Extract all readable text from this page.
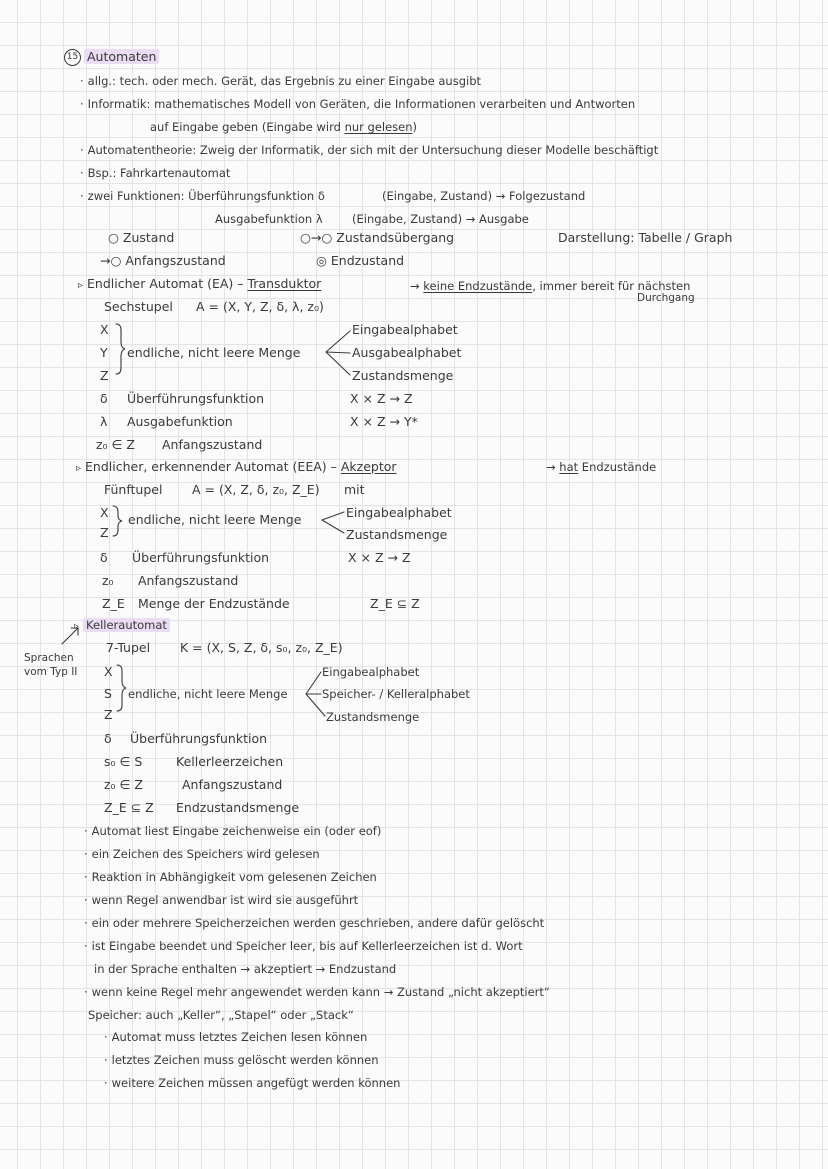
15 Automaten
· allg.: tech. oder mech. Gerät, das Ergebnis zu einer Eingabe ausgibt
· Informatik: mathematisches Modell von Geräten, die Informationen verarbeiten und Antworten
auf Eingabe geben (Eingabe wird nur gelesen)
· Automatentheorie: Zweig der Informatik, der sich mit der Untersuchung dieser Modelle beschäftigt
· Bsp.: Fahrkartenautomat
· zwei Funktionen: Überführungsfunktion δ	(Eingabe, Zustand) → Folgezustand
Ausgabefunktion λ	(Eingabe, Zustand) → Ausgabe
○ Zustand	○→○ Zustandsübergang	Darstellung: Tabelle / Graph
→○ Anfangszustand	◎ Endzustand
▹ Endlicher Automat (EA) – Transduktor	→ keine Endzustände, immer bereit für nächsten
Durchgang
Sechstupel A = (X, Y, Z, δ, λ, z₀)
X
Y
Z
endliche, nicht leere Menge
Eingabealphabet
Ausgabealphabet
Zustandsmenge
δ Überführungsfunktion	X × Z → Z
λ Ausgabefunktion	X × Z → Y*
z₀ ∈ Z Anfangszustand
▹ Endlicher, erkennender Automat (EEA) – Akzeptor	→ hat Endzustände
Fünftupel A = (X, Z, δ, z₀, Z_E) mit
X
Z
endliche, nicht leere Menge	Eingabealphabet
Zustandsmenge
δ Überführungsfunktion	X × Z → Z
z₀ Anfangszustand
Z_E Menge der Endzustände	Z_E ⊆ Z
▹ Kellerautomat
Sprachen
vom Typ II
7-Tupel K = (X, S, Z, δ, s₀, z₀, Z_E)
X
S
Z
endliche, nicht leere Menge
Eingabealphabet
Speicher- / Kelleralphabet
Zustandsmenge
δ Überführungsfunktion
s₀ ∈ S	Kellerleerzeichen
z₀ ∈ Z	Anfangszustand
Z_E ⊆ Z Endzustandsmenge
· Automat liest Eingabe zeichenweise ein (oder eof)
· ein Zeichen des Speichers wird gelesen
· Reaktion in Abhängigkeit vom gelesenen Zeichen
· wenn Regel anwendbar ist wird sie ausgeführt
· ein oder mehrere Speicherzeichen werden geschrieben, andere dafür gelöscht
· ist Eingabe beendet und Speicher leer, bis auf Kellerleerzeichen ist d. Wort
in der Sprache enthalten → akzeptiert → Endzustand
· wenn keine Regel mehr angewendet werden kann → Zustand „nicht akzeptiert“
Speicher: auch „Keller“, „Stapel“ oder „Stack“
· Automat muss letztes Zeichen lesen können
· letztes Zeichen muss gelöscht werden können
· weitere Zeichen müssen angefügt werden können
